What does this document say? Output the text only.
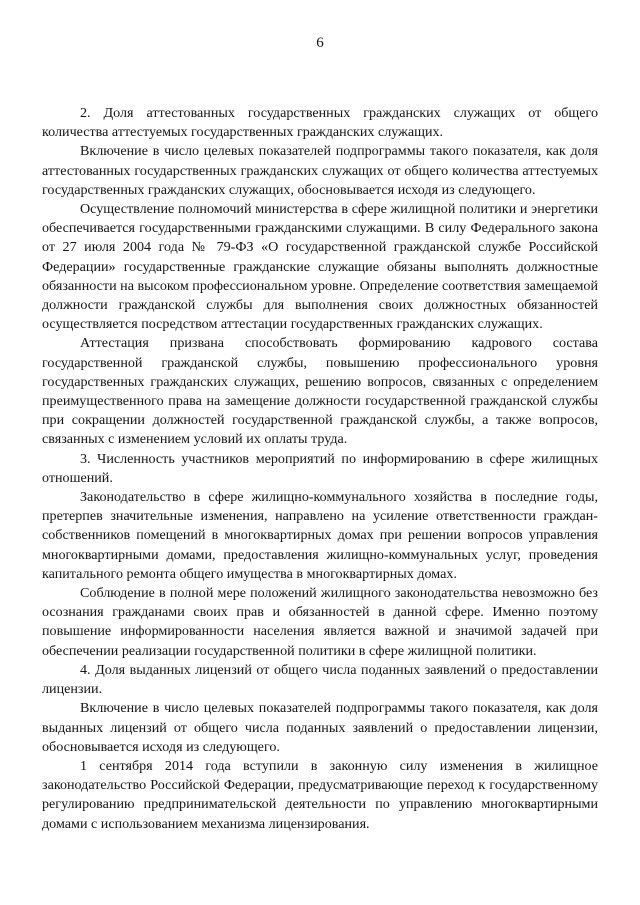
6

2. Доля аттестованных государственных гражданских служащих от общего количества аттестуемых государственных гражданских служащих.

Включение в число целевых показателей подпрограммы такого показателя, как доля аттестованных государственных гражданских служащих от общего количества аттестуемых государственных гражданских служащих, обосновывается исходя из следующего.

Осуществление полномочий министерства в сфере жилищной политики и энергетики обеспечивается государственными гражданскими служащими. В силу Федерального закона от 27 июля 2004 года № 79-ФЗ «О государственной гражданской службе Российской Федерации» государственные гражданские служащие обязаны выполнять должностные обязанности на высоком профессиональном уровне. Определение соответствия замещаемой должности гражданской службы для выполнения своих должностных обязанностей осуществляется посредством аттестации государственных гражданских служащих.

Аттестация призвана способствовать формированию кадрового состава государственной гражданской службы, повышению профессионального уровня государственных гражданских служащих, решению вопросов, связанных с определением преимущественного права на замещение должности государственной гражданской службы при сокращении должностей государственной гражданской службы, а также вопросов, связанных с изменением условий их оплаты труда.

3. Численность участников мероприятий по информированию в сфере жилищных отношений.

Законодательство в сфере жилищно-коммунального хозяйства в последние годы, претерпев значительные изменения, направлено на усиление ответственности граждан-собственников помещений в многоквартирных домах при решении вопросов управления многоквартирными домами, предоставления жилищно-коммунальных услуг, проведения капитального ремонта общего имущества в многоквартирных домах.

Соблюдение в полной мере положений жилищного законодательства невозможно без осознания гражданами своих прав и обязанностей в данной сфере. Именно поэтому повышение информированности населения является важной и значимой задачей при обеспечении реализации государственной политики в сфере жилищной политики.

4. Доля выданных лицензий от общего числа поданных заявлений о предоставлении лицензии.

Включение в число целевых показателей подпрограммы такого показателя, как доля выданных лицензий от общего числа поданных заявлений о предоставлении лицензии, обосновывается исходя из следующего.

1 сентября 2014 года вступили в законную силу изменения в жилищное законодательство Российской Федерации, предусматривающие переход к государственному регулированию предпринимательской деятельности по управлению многоквартирными домами с использованием механизма лицензирования.
